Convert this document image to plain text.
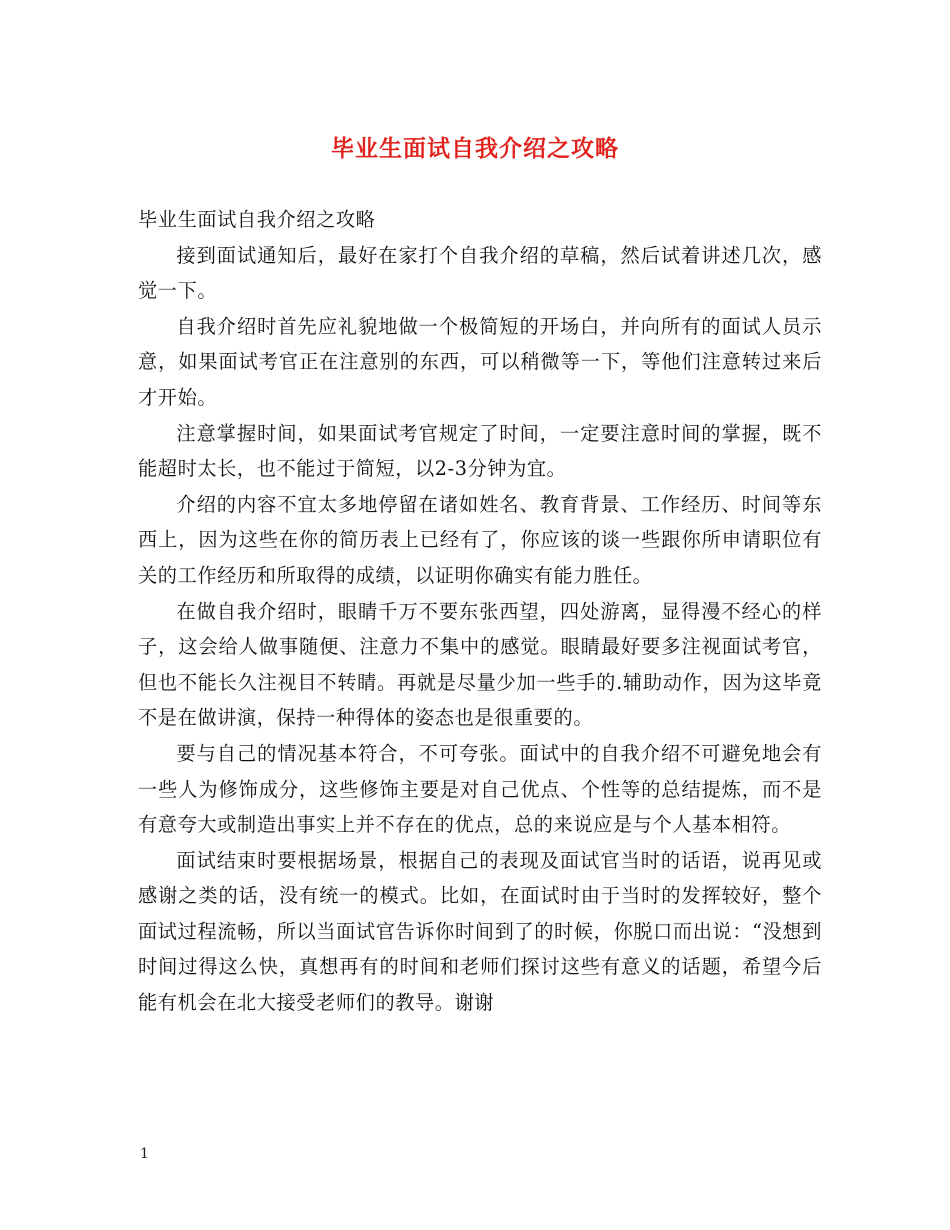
毕业生面试自我介绍之攻略

毕业生面试自我介绍之攻略

接到面试通知后，最好在家打个自我介绍的草稿，然后试着讲述几次，感觉一下。

自我介绍时首先应礼貌地做一个极简短的开场白，并向所有的面试人员示意，如果面试考官正在注意别的东西，可以稍微等一下，等他们注意转过来后才开始。

注意掌握时间，如果面试考官规定了时间，一定要注意时间的掌握，既不能超时太长，也不能过于简短，以2-3分钟为宜。

介绍的内容不宜太多地停留在诸如姓名、教育背景、工作经历、时间等东西上，因为这些在你的简历表上已经有了，你应该的谈一些跟你所申请职位有关的工作经历和所取得的成绩，以证明你确实有能力胜任。

在做自我介绍时，眼睛千万不要东张西望，四处游离，显得漫不经心的样子，这会给人做事随便、注意力不集中的感觉。眼睛最好要多注视面试考官，但也不能长久注视目不转睛。再就是尽量少加一些手的.辅助动作，因为这毕竟不是在做讲演，保持一种得体的姿态也是很重要的。

要与自己的情况基本符合，不可夸张。面试中的自我介绍不可避免地会有一些人为修饰成分，这些修饰主要是对自己优点、个性等的总结提炼，而不是有意夸大或制造出事实上并不存在的优点，总的来说应是与个人基本相符。

面试结束时要根据场景，根据自己的表现及面试官当时的话语，说再见或感谢之类的话，没有统一的模式。比如，在面试时由于当时的发挥较好，整个面试过程流畅，所以当面试官告诉你时间到了的时候，你脱口而出说：“没想到时间过得这么快，真想再有的时间和老师们探讨这些有意义的话题，希望今后能有机会在北大接受老师们的教导。谢谢

1
